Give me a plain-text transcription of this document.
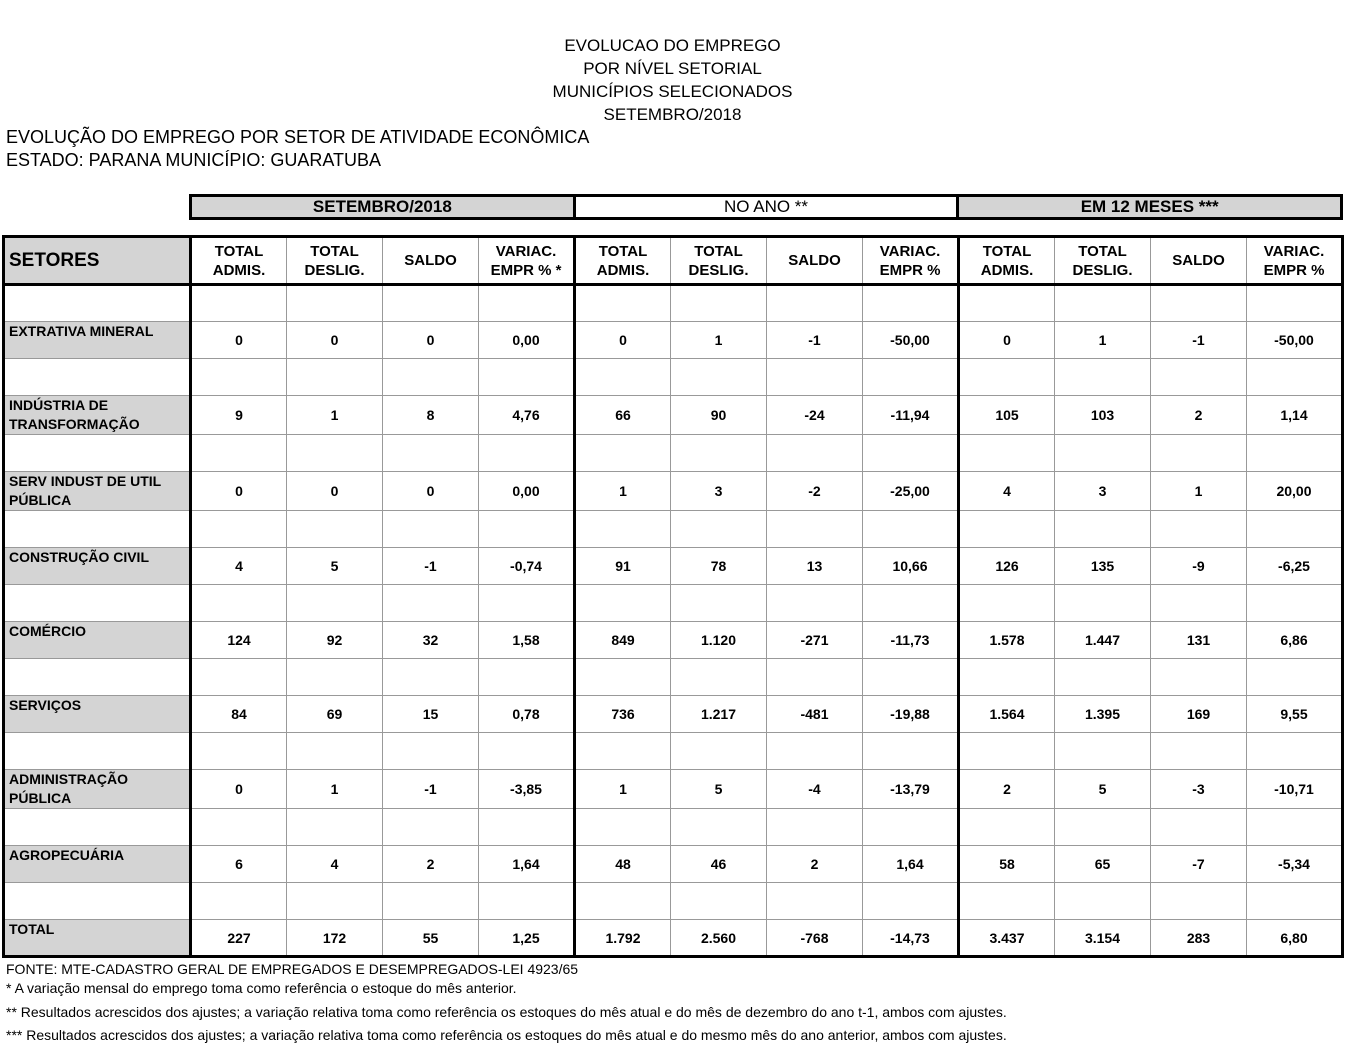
EVOLUCAO DO EMPREGO
POR NÍVEL SETORIAL
MUNICÍPIOS SELECIONADOS
SETEMBRO/2018
EVOLUÇÃO DO EMPREGO POR SETOR DE ATIVIDADE ECONÔMICA
ESTADO: PARANA MUNICÍPIO: GUARATUBA
SETEMBRO/2018	NO ANO **	EM 12 MESES ***
SETORES	TOTAL ADMIS.	TOTAL DESLIG.	SALDO	VARIAC. EMPR % *	TOTAL ADMIS.	TOTAL DESLIG.	SALDO	VARIAC. EMPR %	TOTAL ADMIS.	TOTAL DESLIG.	SALDO	VARIAC. EMPR %

EXTRATIVA MINERAL	0	0	0	0,00	0	1	-1	-50,00	0	1	-1	-50,00

INDÚSTRIA DE TRANSFORMAÇÃO	9	1	8	4,76	66	90	-24	-11,94	105	103	2	1,14

SERV INDUST DE UTIL PÚBLICA	0	0	0	0,00	1	3	-2	-25,00	4	3	1	20,00

CONSTRUÇÃO CIVIL	4	5	-1	-0,74	91	78	13	10,66	126	135	-9	-6,25

COMÉRCIO	124	92	32	1,58	849	1.120	-271	-11,73	1.578	1.447	131	6,86

SERVIÇOS	84	69	15	0,78	736	1.217	-481	-19,88	1.564	1.395	169	9,55

ADMINISTRAÇÃO PÚBLICA	0	1	-1	-3,85	1	5	-4	-13,79	2	5	-3	-10,71

AGROPECUÁRIA	6	4	2	1,64	48	46	2	1,64	58	65	-7	-5,34

TOTAL	227	172	55	1,25	1.792	2.560	-768	-14,73	3.437	3.154	283	6,80
FONTE: MTE-CADASTRO GERAL DE EMPREGADOS E DESEMPREGADOS-LEI 4923/65
* A variação mensal do emprego toma como referência o estoque do mês anterior.
** Resultados acrescidos dos ajustes; a variação relativa toma como referência os estoques do mês atual e do mês de dezembro do ano t-1, ambos com ajustes.
*** Resultados acrescidos dos ajustes; a variação relativa toma como referência os estoques do mês atual e do mesmo mês do ano anterior, ambos com ajustes.
